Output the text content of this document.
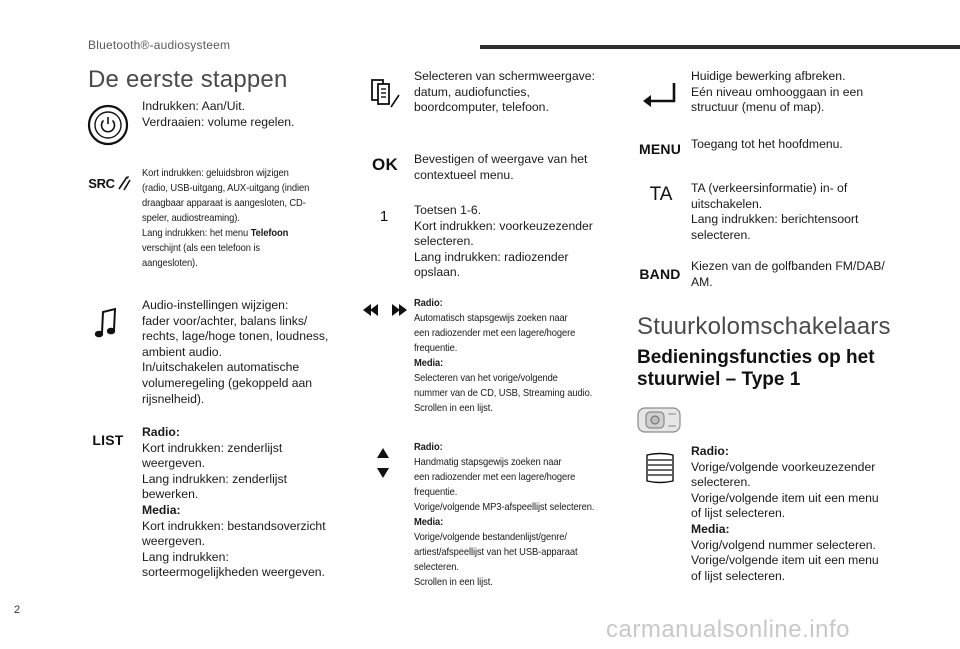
Bluetooth®-audiosysteem
De eerste stappen

Indrukken: Aan/Uit.

Verdraaien: volume regelen.

SRC

Kort indrukken: geluidsbron wijzigen

(radio, USB-uitgang, AUX-uitgang (indien

draagbaar apparaat is aangesloten, CD-

speler, audiostreaming).

Lang indrukken: het menu Telefoon

verschijnt (als een telefoon is

aangesloten).

Audio-instellingen wijzigen:

fader voor/achter, balans links/

rechts, lage/hoge tonen, loudness,

ambient audio.

In/uitschakelen automatische

volumeregeling (gekoppeld aan

rijsnelheid).

LIST Radio:

Kort indrukken: zenderlijst

weergeven.

Lang indrukken: zenderlijst

bewerken.

Media:

Kort indrukken: bestandsoverzicht

weergeven.

Lang indrukken:

sorteermogelijkheden weergeven.

Selecteren van schermweergave:

datum, audiofuncties,

boordcomputer, telefoon.

OK Bevestigen of weergave van het

contextueel menu.

1 Toetsen 1-6.

Kort indrukken: voorkeuzezender

selecteren.

Lang indrukken: radiozender

opslaan.

Radio:

Automatisch stapsgewijs zoeken naar

een radiozender met een lagere/hogere

frequentie.

Media:

Selecteren van het vorige/volgende

nummer van de CD, USB, Streaming audio.

Scrollen in een lijst.

Radio:

Handmatig stapsgewijs zoeken naar

een radiozender met een lagere/hogere

frequentie.

Vorige/volgende MP3-afspeellijst selecteren.

Media:

Vorige/volgende bestandenlijst/genre/

artiest/afspeellijst van het USB-apparaat

selecteren.

Scrollen in een lijst.

Huidige bewerking afbreken.

Eén niveau omhooggaan in een

structuur (menu of map).

MENU Toegang tot het hoofdmenu.

TA TA (verkeersinformatie) in- of

uitschakelen.

Lang indrukken: berichtensoort

selecteren.

BAND Kiezen van de golfbanden FM/DAB/

AM.

Stuurkolomschakelaars

Bedieningsfuncties op het

stuurwiel – Type 1

Radio:

Vorige/volgende voorkeuzezender

selecteren.

Vorige/volgende item uit een menu

of lijst selecteren.

Media:

Vorig/volgend nummer selecteren.

Vorige/volgende item uit een menu

of lijst selecteren.

2
carmanualsonline.info
